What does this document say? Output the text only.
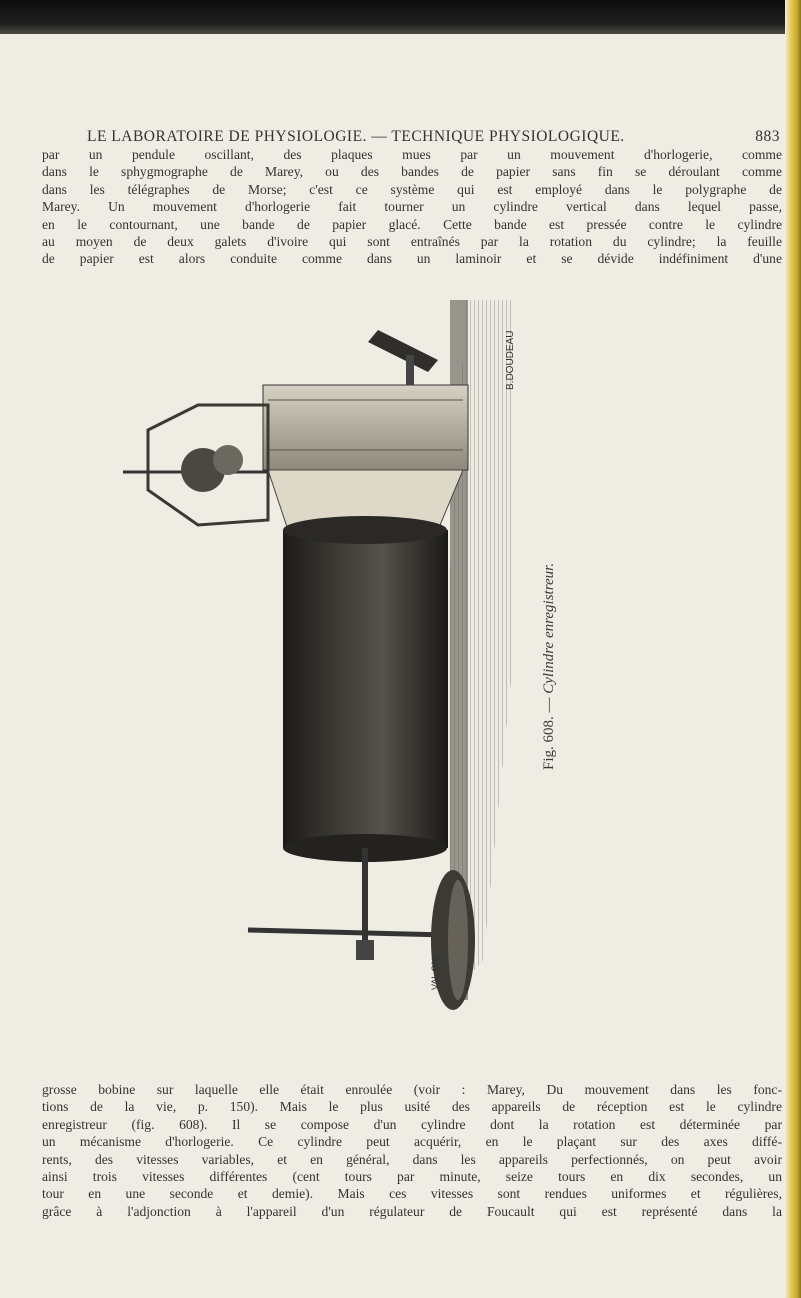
LE LABORATOIRE DE PHYSIOLOGIE. — TECHNIQUE PHYSIOLOGIQUE.	883
par un pendule oscillant, des plaques mues par un mouvement d'horlogerie, comme
dans le sphygmographe de Marey, ou des bandes de papier sans fin se déroulant comme
dans les télégraphes de Morse; c'est ce système qui est employé dans le polygraphe de
Marey. Un mouvement d'horlogerie fait tourner un cylindre vertical dans lequel passe,
en le contournant, une bande de papier glacé. Cette bande est pressée contre le cylindre
au moyen de deux galets d'ivoire qui sont entraînés par la rotation du cylindre; la feuille
de papier est alors conduite comme dans un laminoir et se dévide indéfiniment d'une
B.DOUDEAU
VAL ON
Fig. 608. — Cylindre enregistreur.
grosse bobine sur laquelle elle était enroulée (voir : Marey, Du mouvement dans les fonc-
tions de la vie, p. 150). Mais le plus usité des appareils de réception est le cylindre
enregistreur (fig. 608). Il se compose d'un cylindre dont la rotation est déterminée par
un mécanisme d'horlogerie. Ce cylindre peut acquérir, en le plaçant sur des axes diffé-
rents, des vitesses variables, et en général, dans les appareils perfectionnés, on peut avoir
ainsi trois vitesses différentes (cent tours par minute, seize tours en dix secondes, un
tour en une seconde et demie). Mais ces vitesses sont rendues uniformes et régulières,
grâce à l'adjonction à l'appareil d'un régulateur de Foucault qui est représenté dans la
